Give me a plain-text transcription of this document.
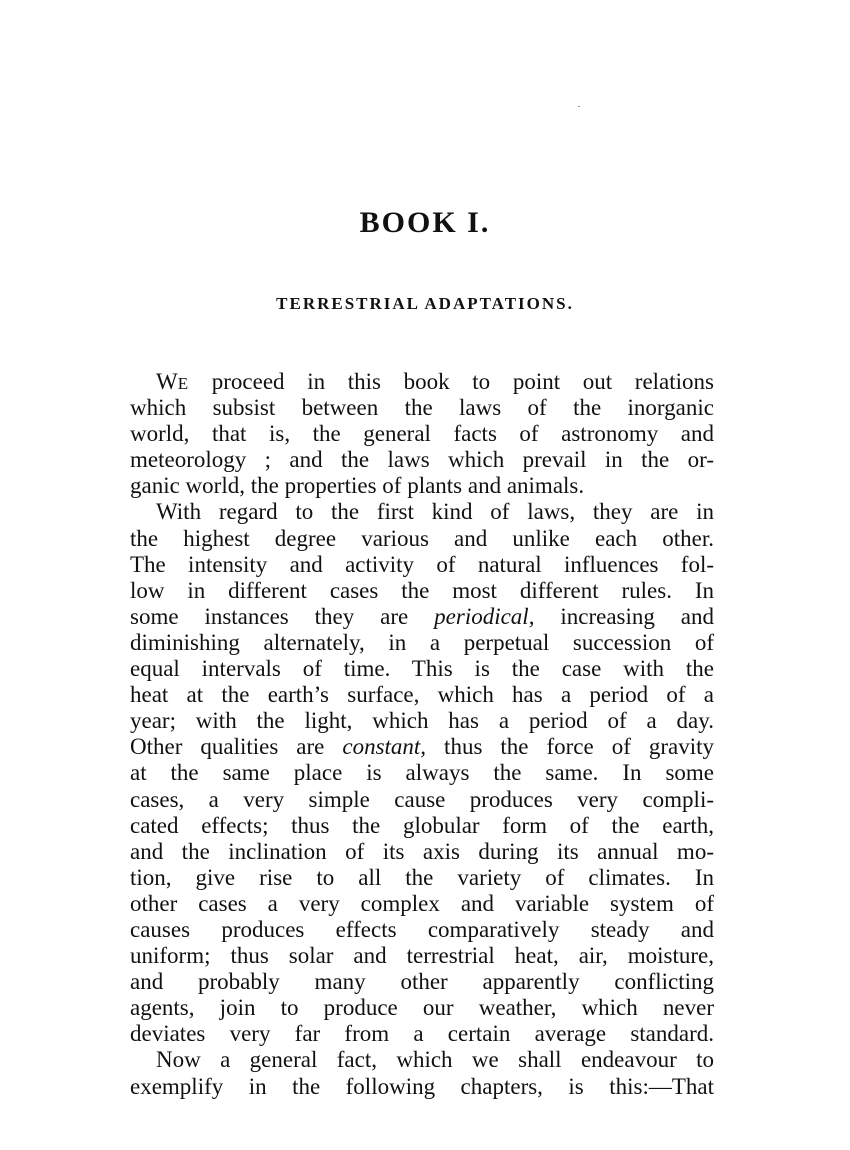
BOOK I.
TERRESTRIAL ADAPTATIONS.
WE proceed in this book to point out relations
which subsist between the laws of the inorganic
world, that is, the general facts of astronomy and
meteorology ; and the laws which prevail in the or-
ganic world, the properties of plants and animals.
With regard to the first kind of laws, they are in
the highest degree various and unlike each other.
The intensity and activity of natural influences fol-
low in different cases the most different rules. In
some instances they are periodical, increasing and
diminishing alternately, in a perpetual succession of
equal intervals of time. This is the case with the
heat at the earth’s surface, which has a period of a
year; with the light, which has a period of a day.
Other qualities are constant, thus the force of gravity
at the same place is always the same. In some
cases, a very simple cause produces very compli-
cated effects; thus the globular form of the earth,
and the inclination of its axis during its annual mo-
tion, give rise to all the variety of climates. In
other cases a very complex and variable system of
causes produces effects comparatively steady and
uniform; thus solar and terrestrial heat, air, moisture,
and probably many other apparently conflicting
agents, join to produce our weather, which never
deviates very far from a certain average standard.
Now a general fact, which we shall endeavour to
exemplify in the following chapters, is this:—That
